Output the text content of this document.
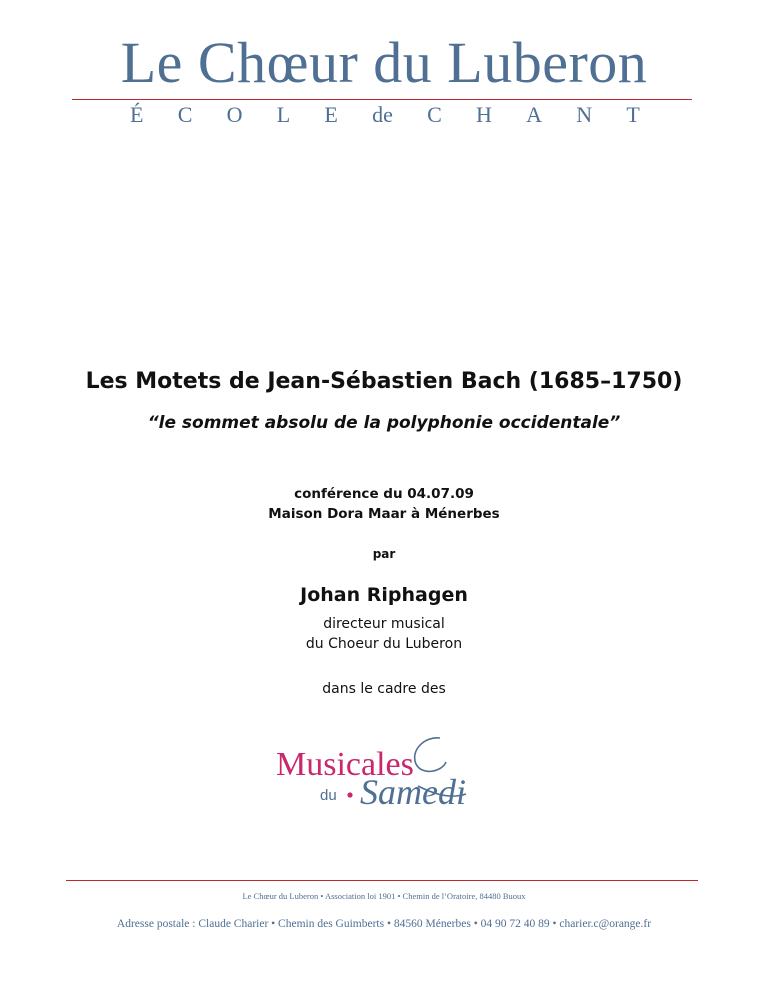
Le Chœur du Luberon
É C O L E de C H A N T
Les Motets de Jean-Sébastien Bach (1685–1750)
“le sommet absolu de la polyphonie occidentale”
conférence du 04.07.09
Maison Dora Maar à Ménerbes
par
Johan Riphagen
directeur musical
du Choeur du Luberon
dans le cadre des
Musicales
du Samedi
Le Chœur du Luberon • Association loi 1901 • Chemin de l’Oratoire, 84480 Buoux
Adresse postale : Claude Charier • Chemin des Guimberts • 84560 Ménerbes • 04 90 72 40 89 • charier.c@orange.fr
